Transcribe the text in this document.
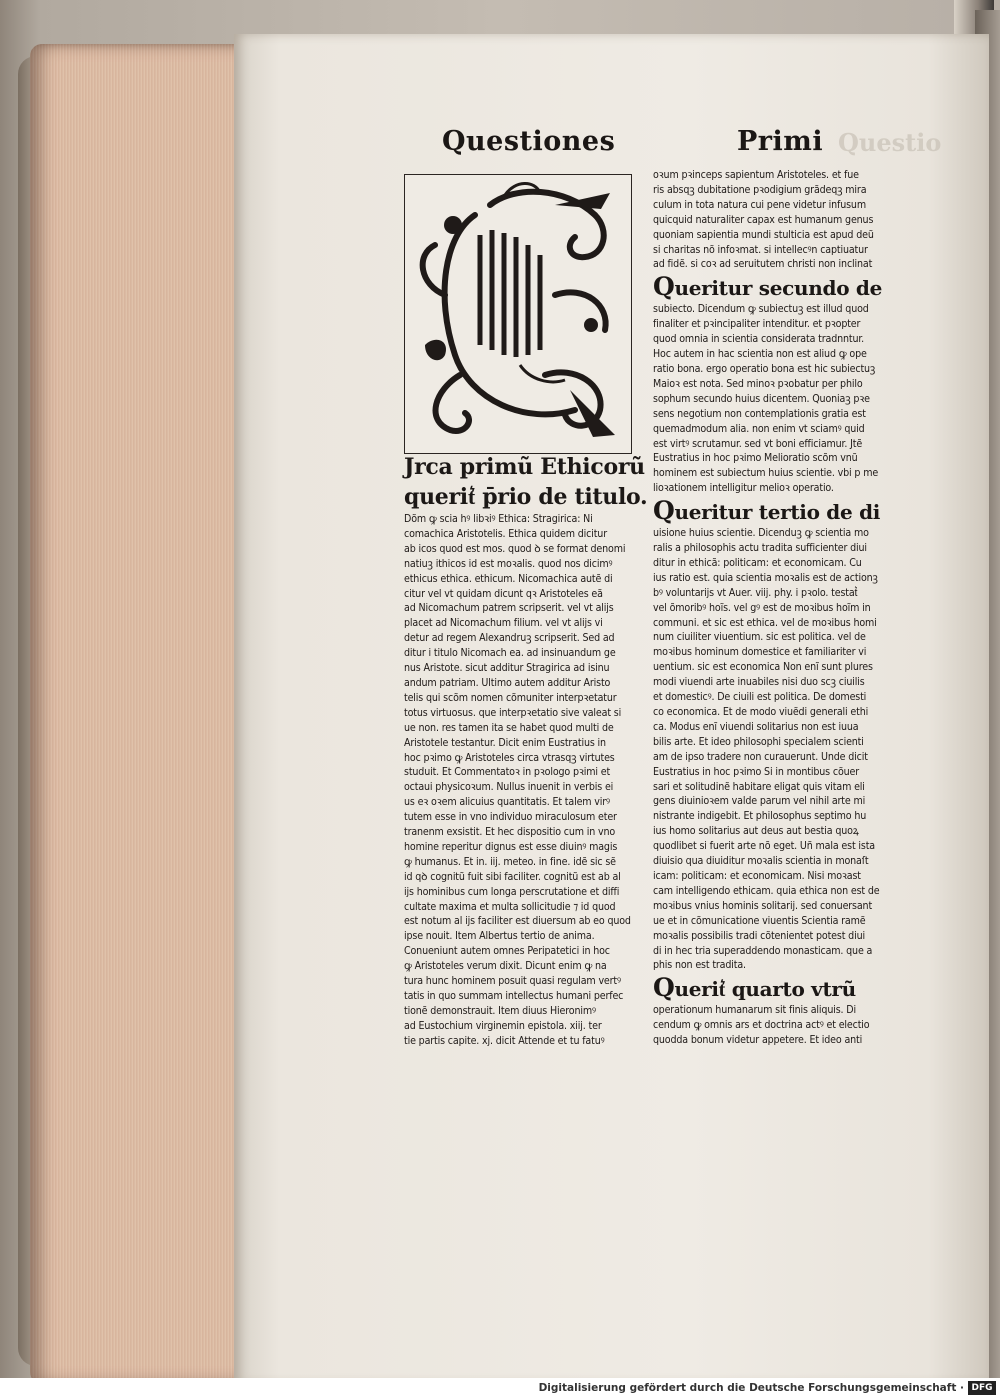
Questiones	Primi Questio

Jrca primũ Ethicorũ

querit͛ p̄rio de titulo.

Dõm ꝙ scia hꝰ libꝛiꝰ Ethica: Stragirica: Ni

comachica Aristotelis. Ethica quidem dicitur

ab icos quod est mos. quod ꝺ se format denomi

natiuꝫ ithicos id est moꝛalis. quod nos dicimꝰ

ethicus ethica. ethicum. Nicomachica autẽ di

citur vel vt quidam dicunt qꝛ Aristoteles eã

ad Nicomachum patrem scripserit. vel vt alijs

placet ad Nicomachum filium. vel vt alijs vi

detur ad regem Alexandruꝫ scripserit. Sed ad

ditur i titulo Nicomach ea. ad insinuandum ge

nus Aristote. sicut additur Stragirica ad isinu

andum patriam. Ultimo autem additur Aristo

telis qui scõm nomen cõmuniter interpꝛetatur

totus virtuosus. que interpꝛetatio sive valeat si

ue non. res tamen ita se habet quod multi de

Aristotele testantur. Dicit enim Eustratius in

hoc pꝛimo ꝙ Aristoteles circa vtrasqꝫ virtutes

studuit. Et Commentatoꝛ in pꝛologo pꝛimi et

octaui physicoꝛum. Nullus inuenit in verbis ei

us eꝛ oꝛem alicuius quantitatis. Et talem virꝰ

tutem esse in vno individuo miraculosum eter

tranenm exsistit. Et hec dispositio cum in vno

homine reperitur dignus est esse diuinꝰ magis

ꝙ humanus. Et in. iij. meteo. in fine. idẽ sic sẽ

id qꝺ cognitũ fuit sibi faciliter. cognitũ est ab al

ijs hominibus cum longa perscrutatione et diffi

cultate maxima et multa sollicitudie ⁊ id quod

est notum al ijs faciliter est diuersum ab eo quod

ipse nouit. Item Albertus tertio de anima.

Conueniunt autem omnes Peripatetici in hoc

ꝙ Aristoteles verum dixit. Dicunt enim ꝙ na

tura hunc hominem posuit quasi regulam vertꝰ

tatis in quo summam intellectus humani perfec

tionẽ demonstrauit. Item diuus Hieronimꝰ

ad Eustochium virginemin epistola. xiij. ter

tie partis capite. xj. dicit Attende et tu fatuꝰ

oꝛum pꝛinceps sapientum Aristoteles. et fue

ris absqꝫ dubitatione pꝛodigium grãdeqꝫ mira

culum in tota natura cui pene videtur infusum

quicquid naturaliter capax est humanum genus

quoniam sapientia mundi stulticia est apud deũ

si charitas nõ infoꝛmat. si intellecꝰn captiuatur

ad fidẽ. si coꝛ ad seruitutem christi non inclinat

Queritur secundo de

subiecto. Dicendum ꝙ subiectuꝫ est illud quod

finaliter et pꝛincipaliter intenditur. et pꝛopter

quod omnia in scientia considerata tradnntur.

Hoc autem in hac scientia non est aliud ꝙ ope

ratio bona. ergo operatio bona est hic subiectuꝫ

Maioꝛ est nota. Sed minoꝛ pꝛobatur per philo

sophum secundo huius dicentem. Quoniaꝫ pꝛe

sens negotium non contemplationis gratia est

quemadmodum alia. non enim vt sciamꝰ quid

est virtꝰ scrutamur. sed vt boni efficiamur. Jtẽ

Eustratius in hoc pꝛimo Melioratio scõm vnũ

hominem est subiectum huius scientie. vbi p me

lioꝛationem intelligitur melioꝛ operatio.

Queritur tertio de di

uisione huius scientie. Dicenduꝫ ꝙ scientia mo

ralis a philosophis actu tradita sufficienter diui

ditur in ethicã: politicam: et economicam. Cu

ius ratio est. quia scientia moꝛalis est de actionꝫ

bꝰ voluntarijs vt Auer. viij. phy. i pꝛolo. testat͛

vel õmoribꝰ hoĩs. vel gꝰ est de moꝛibus hoĩm in

communi. et sic est ethica. vel de moꝛibus homi

num ciuiliter viuentium. sic est politica. vel de

moꝛibus hominum domestice et familiariter vi

uentium. sic est economica Non enĩ sunt plures

modi viuendi arte inuabiles nisi duo scꝫ ciuilis

et domesticꝰ. De ciuili est politica. De domesti

co economica. Et de modo viuẽdi generali ethi

ca. Modus enĩ viuendi solitarius non est iuua

bilis arte. Et ideo philosophi specialem scienti

am de ipso tradere non curauerunt. Unde dicit

Eustratius in hoc pꝛimo Si in montibus cõuer

sari et solitudinẽ habitare eligat quis vitam eli

gens diuinioꝛem valde parum vel nihil arte mi

nistrante indigebit. Et philosophus septimo hu

ius homo solitarius aut deus aut bestia quoꝝ

quodlibet si fuerit arte nõ eget. Uñ mala est ista

diuisio qua diuiditur moꝛalis scientia in monaſt

icam: politicam: et economicam. Nisi moꝛast

cam intelligendo ethicam. quia ethica non est de

moꝛibus vnius hominis solitarij. sed conuersant

ue et in cõmunicatione viuentis Scientia ramẽ

moꝛalis possibilis tradi cõtenientet potest diui

di in hec tria superaddendo monasticam. que a

phis non est tradita.

Querit͛ quarto vtrũ

operationum humanarum sit finis aliquis. Di

cendum ꝙ omnis ars et doctrina actꝰ et electio

quodda bonum videtur appetere. Et ideo anti

Digitalisierung gefördert durch die Deutsche Forschungsgemeinschaft · DFG
